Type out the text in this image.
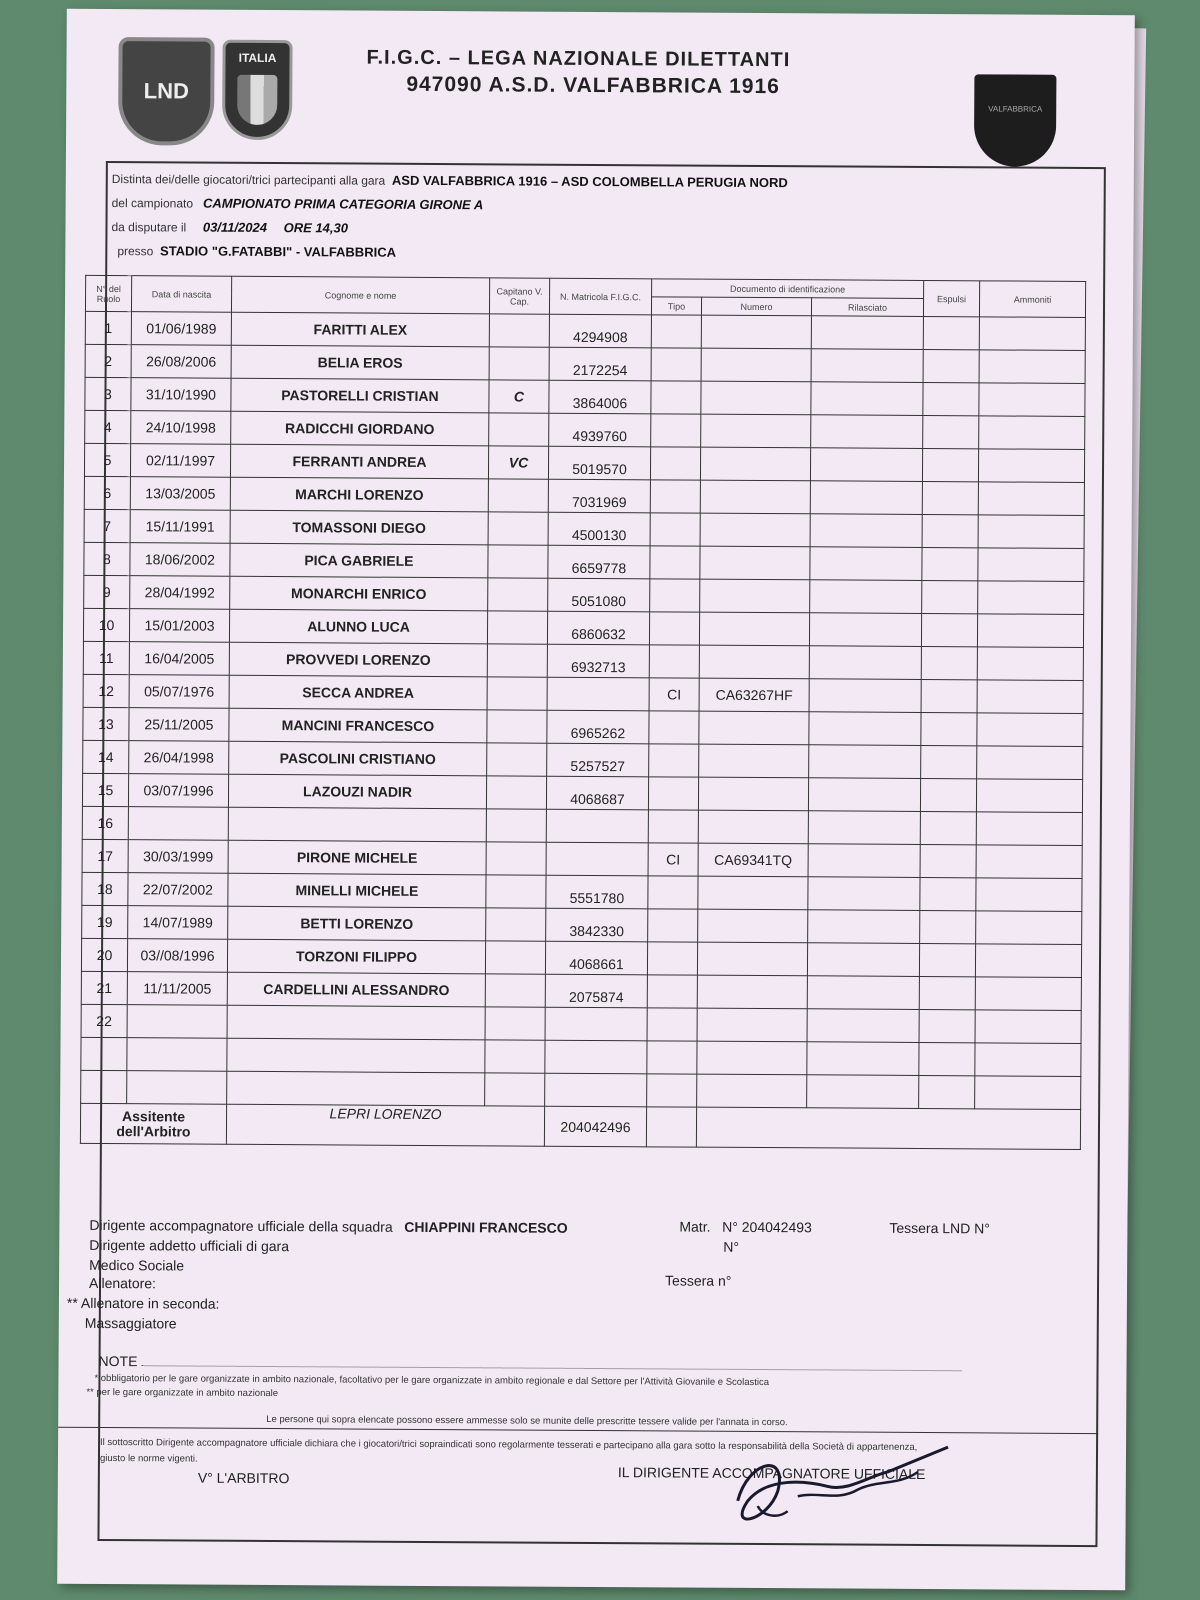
LND
ITALIA	F.I.G.C. – LEGA NAZIONALE DILETTANTI
947090 A.S.D. VALFABBRICA 1916
VALFABBRICA
Distinta dei/delle giocatori/trici partecipanti alla gara ASD VALFABBRICA 1916 – ASD COLOMBELLA PERUGIA NORD
del campionato CAMPIONATO PRIMA CATEGORIA GIRONE A
da disputare il 03/11/2024 ORE 14,30
presso STADIO "G.FATABBI" - VALFABBRICA
N° del Ruolo	Data di nascita	Cognome e nome	Capitano V. Cap.	N. Matricola F.I.G.C.	Documento di identificazione			Espulsi	Ammoniti
					Tipo	Numero	Rilasciato		
1	01/06/1989	FARITTI ALEX		4294908					
2	26/08/2006	BELIA EROS		2172254					
3	31/10/1990	PASTORELLI CRISTIAN	C	3864006					
4	24/10/1998	RADICCHI GIORDANO		4939760					
5	02/11/1997	FERRANTI ANDREA	VC	5019570					
6	13/03/2005	MARCHI LORENZO		7031969					
7	15/11/1991	TOMASSONI DIEGO		4500130					
8	18/06/2002	PICA GABRIELE		6659778					
9	28/04/1992	MONARCHI ENRICO		5051080					
10	15/01/2003	ALUNNO LUCA		6860632					
11	16/04/2005	PROVVEDI LORENZO		6932713					
12	05/07/1976	SECCA ANDREA			CI	CA63267HF			
13	25/11/2005	MANCINI FRANCESCO		6965262					
14	26/04/1998	PASCOLINI CRISTIANO		5257527					
15	03/07/1996	LAZOUZI NADIR		4068687					
16									
17	30/03/1999	PIRONE MICHELE			CI	CA69341TQ			
18	22/07/2002	MINELLI MICHELE		5551780					
19	14/07/1989	BETTI LORENZO		3842330					
20	03//08/1996	TORZONI FILIPPO		4068661					
21	11/11/2005	CARDELLINI ALESSANDRO		2075874					
22									

Assitente dell'Arbitro		LEPRI LORENZO		204042496					
Dirigente accompagnatore ufficiale della squadra CHIAPPINI FRANCESCO	Matr. N° 204042493	Tessera LND N°
N°
Dirigente addetto ufficiali di gara
Medico Sociale
Allenatore:	Tessera n°
** Allenatore in seconda:
Massaggiatore
NOTE
* obbligatorio per le gare organizzate in ambito nazionale, facoltativo per le gare organizzate in ambito regionale e dal Settore per l'Attività Giovanile e Scolastica
** per le gare organizzate in ambito nazionale
Le persone qui sopra elencate possono essere ammesse solo se munite delle prescritte tessere valide per l'annata in corso.
Il sottoscritto Dirigente accompagnatore ufficiale dichiara che i giocatori/trici sopraindicati sono regolarmente tesserati e partecipano alla gara sotto la responsabilità della Società di appartenenza,
giusto le norme vigenti.
V° L'ARBITRO	IL DIRIGENTE ACCOMPAGNATORE UFFICIALE
